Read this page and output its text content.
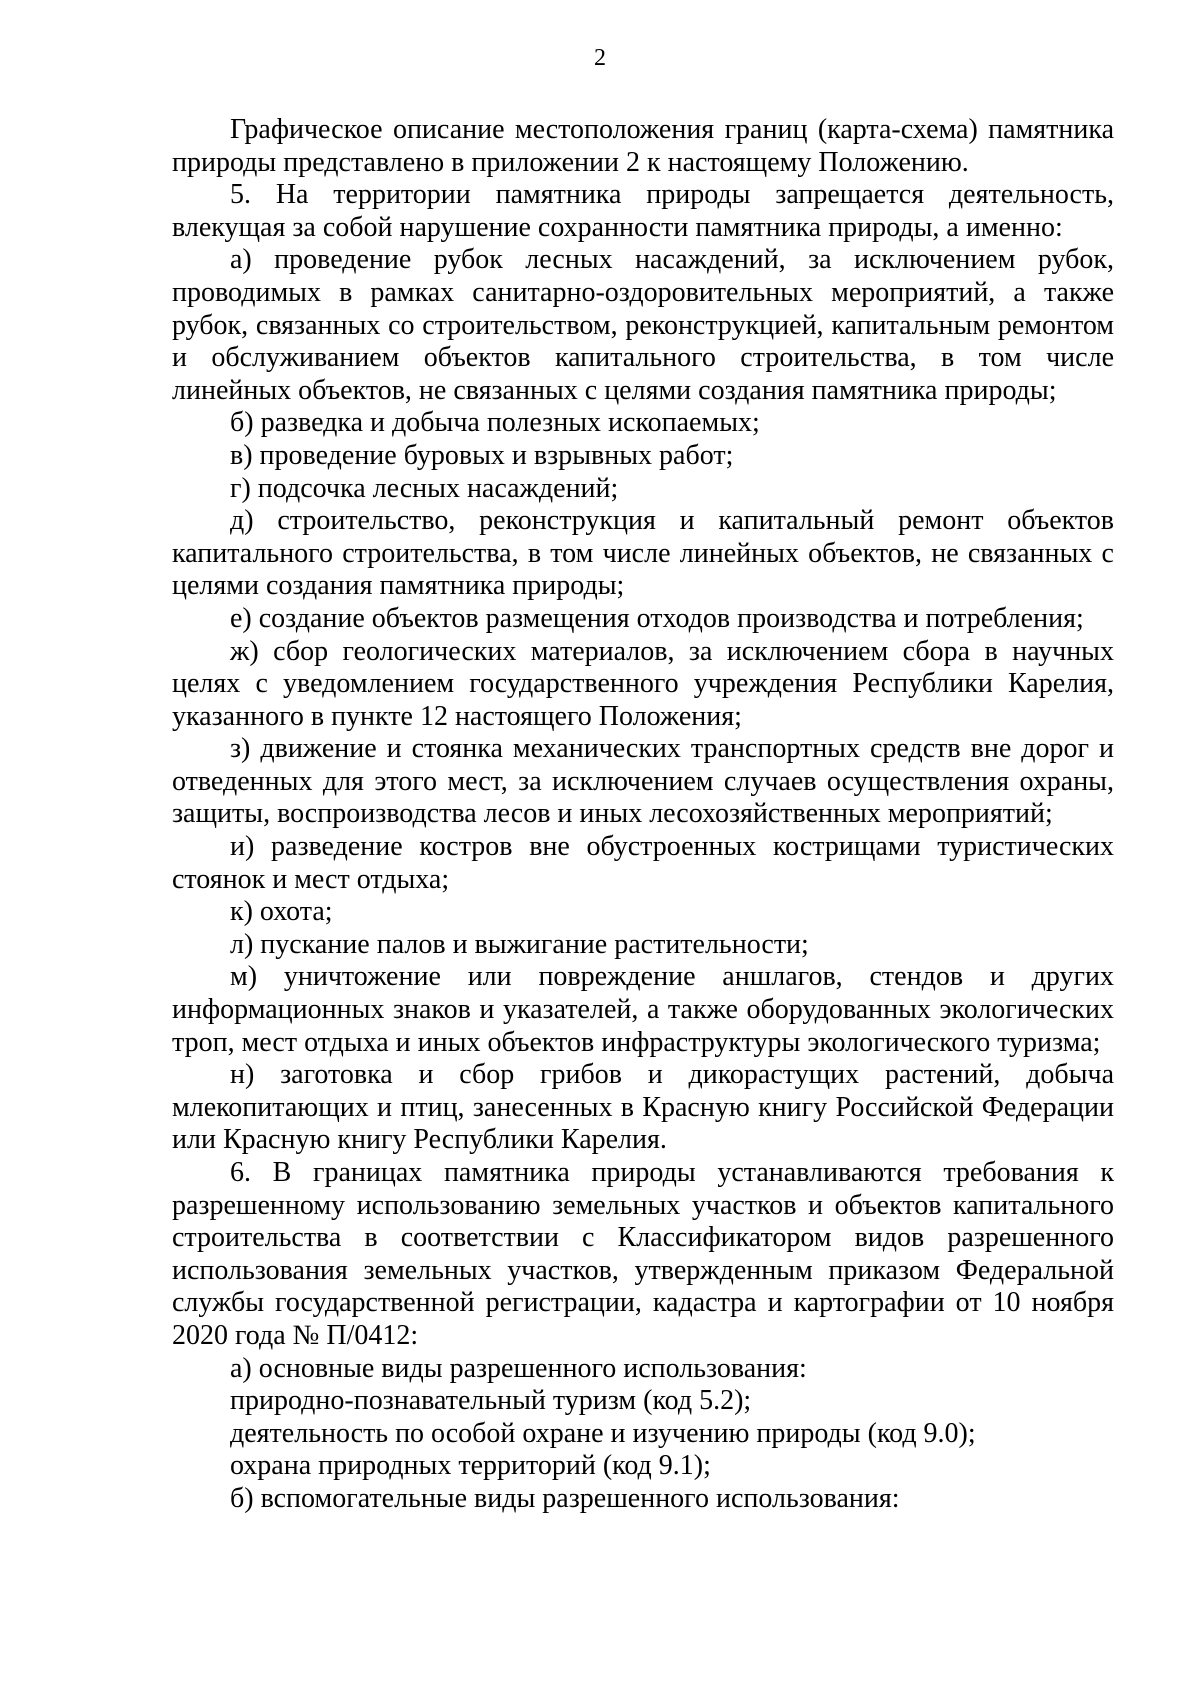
2

Графическое описание местоположения границ (карта-схема) памятника природы представлено в приложении 2 к настоящему Положению.

5. На территории памятника природы запрещается деятельность, влекущая за собой нарушение сохранности памятника природы, а именно:

а) проведение рубок лесных насаждений, за исключением рубок, проводимых в рамках санитарно-оздоровительных мероприятий, а также рубок, связанных со строительством, реконструкцией, капитальным ремонтом и обслуживанием объектов капитального строительства, в том числе линейных объектов, не связанных с целями создания памятника природы;

б) разведка и добыча полезных ископаемых;

в) проведение буровых и взрывных работ;

г) подсочка лесных насаждений;

д) строительство, реконструкция и капитальный ремонт объектов капитального строительства, в том числе линейных объектов, не связанных с целями создания памятника природы;

е) создание объектов размещения отходов производства и потребления;

ж) сбор геологических материалов, за исключением сбора в научных целях с уведомлением государственного учреждения Республики Карелия, указанного в пункте 12 настоящего Положения;

з) движение и стоянка механических транспортных средств вне дорог и отведенных для этого мест, за исключением случаев осуществления охраны, защиты, воспроизводства лесов и иных лесохозяйственных мероприятий;

и) разведение костров вне обустроенных кострищами туристических стоянок и мест отдыха;

к) охота;

л) пускание палов и выжигание растительности;

м) уничтожение или повреждение аншлагов, стендов и других информационных знаков и указателей, а также оборудованных экологических троп, мест отдыха и иных объектов инфраструктуры экологического туризма;

н) заготовка и сбор грибов и дикорастущих растений, добыча млекопитающих и птиц, занесенных в Красную книгу Российской Федерации или Красную книгу Республики Карелия.

6. В границах памятника природы устанавливаются требования к разрешенному использованию земельных участков и объектов капитального строительства в соответствии с Классификатором видов разрешенного использования земельных участков, утвержденным приказом Федеральной службы государственной регистрации, кадастра и картографии от 10 ноября 2020 года № П/0412:

а) основные виды разрешенного использования:

природно-познавательный туризм (код 5.2);

деятельность по особой охране и изучению природы (код 9.0);

охрана природных территорий (код 9.1);

б) вспомогательные виды разрешенного использования:
